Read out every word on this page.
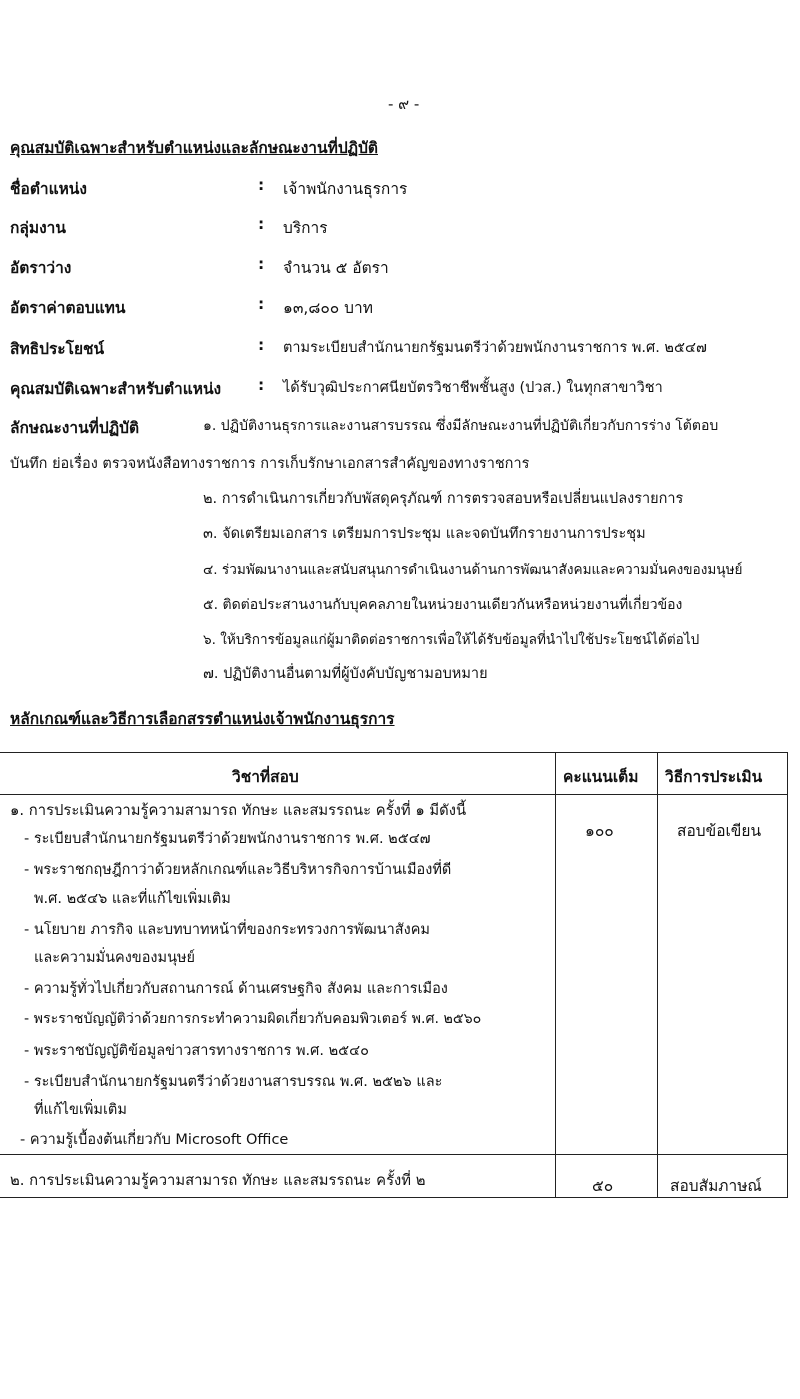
- ๙ -
คุณสมบัติเฉพาะสำหรับตำแหน่งและลักษณะงานที่ปฏิบัติ
ชื่อตำแหน่ง	: เจ้าพนักงานธุรการ
กลุ่มงาน	: บริการ
อัตราว่าง	: จำนวน ๕ อัตรา
อัตราค่าตอบแทน	: ๑๓,๘๐๐ บาท
สิทธิประโยชน์	: ตามระเบียบสำนักนายกรัฐมนตรีว่าด้วยพนักงานราชการ พ.ศ. ๒๕๔๗
คุณสมบัติเฉพาะสำหรับตำแหน่ง : ได้รับวุฒิประกาศนียบัตรวิชาชีพชั้นสูง (ปวส.) ในทุกสาขาวิชา
ลักษณะงานที่ปฏิบัติ	๑. ปฏิบัติงานธุรการและงานสารบรรณ ซึ่งมีลักษณะงานที่ปฏิบัติเกี่ยวกับการร่าง โต้ตอบ
บันทึก ย่อเรื่อง ตรวจหนังสือทางราชการ การเก็บรักษาเอกสารสำคัญของทางราชการ
๒. การดำเนินการเกี่ยวกับพัสดุครุภัณฑ์ การตรวจสอบหรือเปลี่ยนแปลงรายการ
๓. จัดเตรียมเอกสาร เตรียมการประชุม และจดบันทึกรายงานการประชุม
๔. ร่วมพัฒนางานและสนับสนุนการดำเนินงานด้านการพัฒนาสังคมและความมั่นคงของมนุษย์
๕. ติดต่อประสานงานกับบุคคลภายในหน่วยงานเดียวกันหรือหน่วยงานที่เกี่ยวข้อง
๖. ให้บริการข้อมูลแก่ผู้มาติดต่อราชการเพื่อให้ได้รับข้อมูลที่นำไปใช้ประโยชน์ได้ต่อไป
๗. ปฏิบัติงานอื่นตามที่ผู้บังคับบัญชามอบหมาย
หลักเกณฑ์และวิธีการเลือกสรรตำแหน่งเจ้าพนักงานธุรการ
วิชาที่สอบ	คะแนนเต็ม วิธีการประเมิน
๑. การประเมินความรู้ความสามารถ ทักษะ และสมรรถนะ ครั้งที่ ๑ มีดังนี้
๑๐๐	สอบข้อเขียน
- ระเบียบสำนักนายกรัฐมนตรีว่าด้วยพนักงานราชการ พ.ศ. ๒๕๔๗
- พระราชกฤษฎีกาว่าด้วยหลักเกณฑ์และวิธีบริหารกิจการบ้านเมืองที่ดี
พ.ศ. ๒๕๔๖ และที่แก้ไขเพิ่มเติม
- นโยบาย ภารกิจ และบทบาทหน้าที่ของกระทรวงการพัฒนาสังคม
และความมั่นคงของมนุษย์
- ความรู้ทั่วไปเกี่ยวกับสถานการณ์ ด้านเศรษฐกิจ สังคม และการเมือง
- พระราชบัญญัติว่าด้วยการกระทำความผิดเกี่ยวกับคอมพิวเตอร์ พ.ศ. ๒๕๖๐
- พระราชบัญญัติข้อมูลข่าวสารทางราชการ พ.ศ. ๒๕๔๐
- ระเบียบสำนักนายกรัฐมนตรีว่าด้วยงานสารบรรณ พ.ศ. ๒๕๒๖ และ
ที่แก้ไขเพิ่มเติม
- ความรู้เบื้องต้นเกี่ยวกับ Microsoft Office
๒. การประเมินความรู้ความสามารถ ทักษะ และสมรรถนะ ครั้งที่ ๒	๕๐	สอบสัมภาษณ์
